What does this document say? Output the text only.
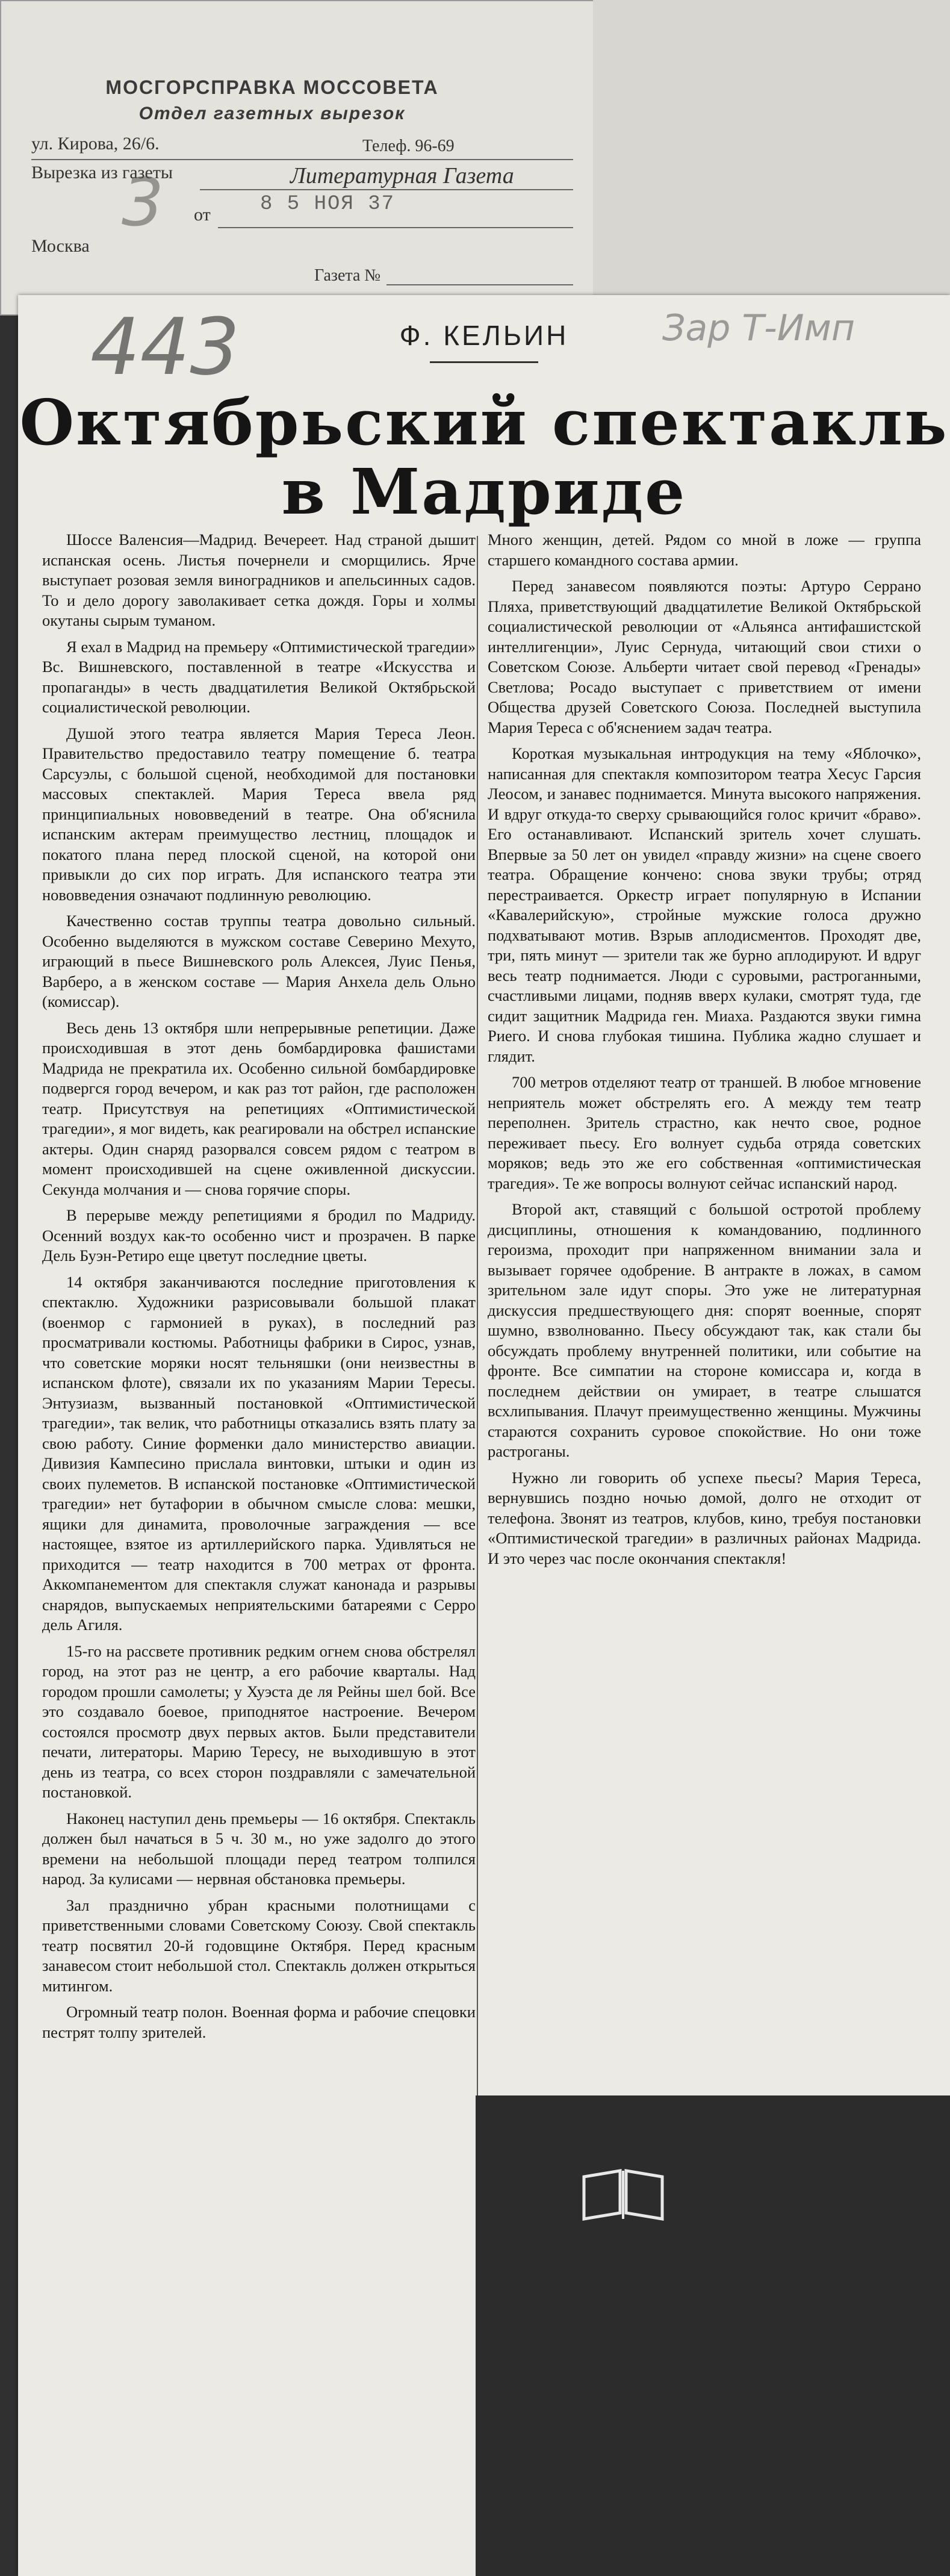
МОСГОРСПРАВКА МОССОВЕТА
Отдел газетных вырезок
ул. Кирова, 26/6.	Телеф. 96-69
Вырезка из газеты	Литературная Газета
от 8 5 НОЯ 37
Москва
Газета №
3
443	Зар Т-Имп
Ф. КЕЛЬИН
Октябрьский спектакль
в Мадриде

Шоссе Валенсия—Мадрид. Вечереет. Над страной дышит испанская осень. Листья почернели и сморщились. Ярче выступает розовая земля виноградников и апельсинных садов. То и дело дорогу заволакивает сетка дождя. Горы и холмы окутаны сырым туманом.

Я ехал в Мадрид на премьеру «Оптимистической трагедии» Вс. Вишневского, поставленной в театре «Искусства и пропаганды» в честь двадцатилетия Великой Октябрьской социалистической революции.

Душой этого театра является Мария Тереса Леон. Правительство предоставило театру помещение б. театра Сарсуэлы, с большой сценой, необходимой для постановки массовых спектаклей. Мария Тереса ввела ряд принципиальных нововведений в театре. Она об'яснила испанским актерам преимущество лестниц, площадок и покатого плана перед плоской сценой, на которой они привыкли до сих пор играть. Для испанского театра эти нововведения означают подлинную революцию.

Качественно состав труппы театра довольно сильный. Особенно выделяются в мужском составе Северино Мехуто, играющий в пьесе Вишневского роль Алексея, Луис Пенья, Варберо, а в женском составе — Мария Анхела дель Ольно (комиссар).

Весь день 13 октября шли непрерывные репетиции. Даже происходившая в этот день бомбардировка фашистами Мадрида не прекратила их. Особенно сильной бомбардировке подвергся город вечером, и как раз тот район, где расположен театр. Присутствуя на репетициях «Оптимистической трагедии», я мог видеть, как реагировали на обстрел испанские актеры. Один снаряд разорвался совсем рядом с театром в момент происходившей на сцене оживленной дискуссии. Секунда молчания и — снова горячие споры.

В перерыве между репетициями я бродил по Мадриду. Осенний воздух как-то особенно чист и прозрачен. В парке Дель Буэн-Ретиро еще цветут последние цветы.

14 октября заканчиваются последние приготовления к спектаклю. Художники разрисовывали большой плакат (военмор с гармонией в руках), в последний раз просматривали костюмы. Работницы фабрики в Сирос, узнав, что советские моряки носят тельняшки (они неизвестны в испанском флоте), связали их по указаниям Марии Тересы. Энтузиазм, вызванный постановкой «Оптимистической трагедии», так велик, что работницы отказались взять плату за свою работу. Синие форменки дало министерство авиации. Дивизия Кампесино прислала винтовки, штыки и один из своих пулеметов. В испанской постановке «Оптимистической трагедии» нет бутафории в обычном смысле слова: мешки, ящики для динамита, проволочные заграждения — все настоящее, взятое из артиллерийского парка. Удивляться не приходится — театр находится в 700 метрах от фронта. Аккомпанементом для спектакля служат канонада и разрывы снарядов, выпускаемых неприятельскими батареями с Серро дель Агиля.

15-го на рассвете противник редким огнем снова обстрелял город, на этот раз не центр, а его рабочие кварталы. Над городом прошли самолеты; у Хуэста де ля Рейны шел бой. Все это создавало боевое, приподнятое настроение. Вечером состоялся просмотр двух первых актов. Были представители печати, литераторы. Марию Тересу, не выходившую в этот день из театра, со всех сторон поздравляли с замечательной постановкой.

Наконец наступил день премьеры — 16 октября. Спектакль должен был начаться в 5 ч. 30 м., но уже задолго до этого времени на небольшой площади перед театром толпился народ. За кулисами — нервная обстановка премьеры.

Зал празднично убран красными полотнищами с приветственными словами Советскому Союзу. Свой спектакль театр посвятил 20-й годовщине Октября. Перед красным занавесом стоит небольшой стол. Спектакль должен открыться митингом.

Огромный театр полон. Военная форма и рабочие спецовки пестрят толпу зрителей.

Много женщин, детей. Рядом со мной в ложе — группа старшего командного состава армии.

Перед занавесом появляются поэты: Артуро Серрано Пляха, приветствующий двадцатилетие Великой Октябрьской социалистической революции от «Альянса антифашистской интеллигенции», Луис Сернуда, читающий свои стихи о Советском Союзе. Альберти читает свой перевод «Гренады» Светлова; Росадо выступает с приветствием от имени Общества друзей Советского Союза. Последней выступила Мария Тереса с об'яснением задач театра.

Короткая музыкальная интродукция на тему «Яблочко», написанная для спектакля композитором театра Хесус Гарсия Леосом, и занавес поднимается. Минута высокого напряжения. И вдруг откуда-то сверху срывающийся голос кричит «браво». Его останавливают. Испанский зритель хочет слушать. Впервые за 50 лет он увидел «правду жизни» на сцене своего театра. Обращение кончено: снова звуки трубы; отряд перестраивается. Оркестр играет популярную в Испании «Кавалерийскую», стройные мужские голоса дружно подхватывают мотив. Взрыв аплодисментов. Проходят две, три, пять минут — зрители так же бурно аплодируют. И вдруг весь театр поднимается. Люди с суровыми, растроганными, счастливыми лицами, подняв вверх кулаки, смотрят туда, где сидит защитник Мадрида ген. Миаха. Раздаются звуки гимна Риего. И снова глубокая тишина. Публика жадно слушает и глядит.

700 метров отделяют театр от траншей. В любое мгновение неприятель может обстрелять его. А между тем театр переполнен. Зритель страстно, как нечто свое, родное переживает пьесу. Его волнует судьба отряда советских моряков; ведь это же его собственная «оптимистическая трагедия». Те же вопросы волнуют сейчас испанский народ.

Второй акт, ставящий с большой остротой проблему дисциплины, отношения к командованию, подлинного героизма, проходит при напряженном внимании зала и вызывает горячее одобрение. В антракте в ложах, в самом зрительном зале идут споры. Это уже не литературная дискуссия предшествующего дня: спорят военные, спорят шумно, взволнованно. Пьесу обсуждают так, как стали бы обсуждать проблему внутренней политики, или событие на фронте. Все симпатии на стороне комиссара и, когда в последнем действии он умирает, в театре слышатся всхлипывания. Плачут преимущественно женщины. Мужчины стараются сохранить суровое спокойствие. Но они тоже растроганы.

Нужно ли говорить об успехе пьесы? Мария Тереса, вернувшись поздно ночью домой, долго не отходит от телефона. Звонят из театров, клубов, кино, требуя постановки «Оптимистической трагедии» в различных районах Мадрида. И это через час после окончания спектакля!
